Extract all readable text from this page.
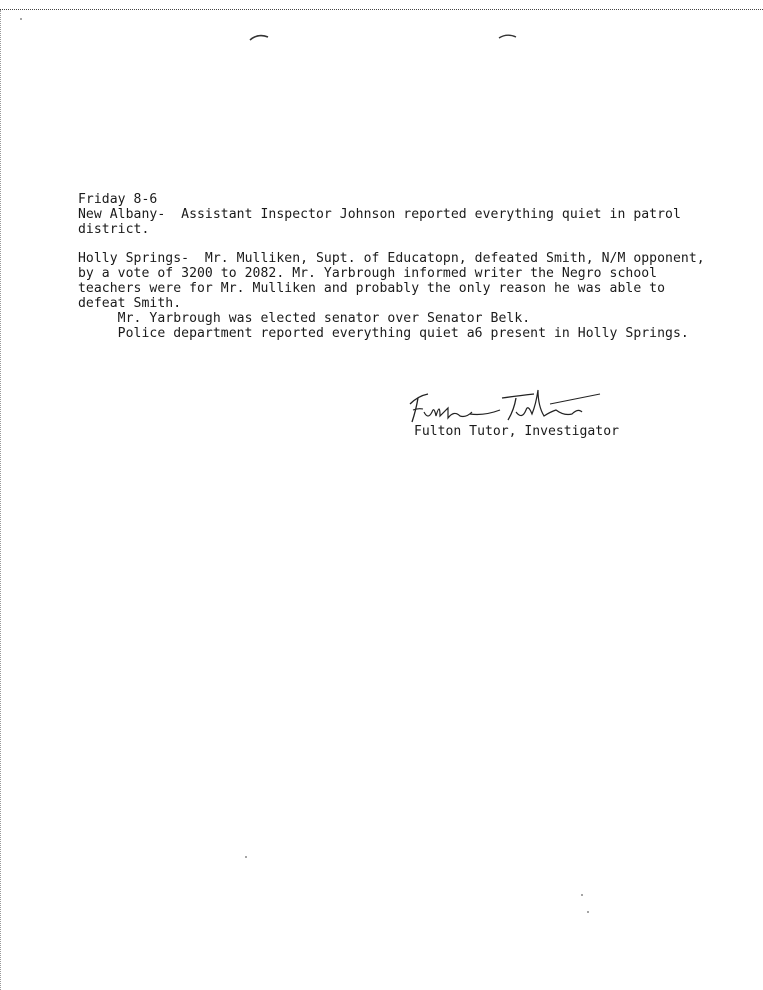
Friday 8-6
New Albany-  Assistant Inspector Johnson reported everything quiet in patrol
district.
Holly Springs-  Mr. Mulliken, Supt. of Educatopn, defeated Smith, N/M opponent,
by a vote of 3200 to 2082. Mr. Yarbrough informed writer the Negro school
teachers were for Mr. Mulliken and probably the only reason he was able to
defeat Smith.
Mr. Yarbrough was elected senator over Senator Belk.
Police department reported everything quiet a6 present in Holly Springs.
Fulton Tutor, Investigator
